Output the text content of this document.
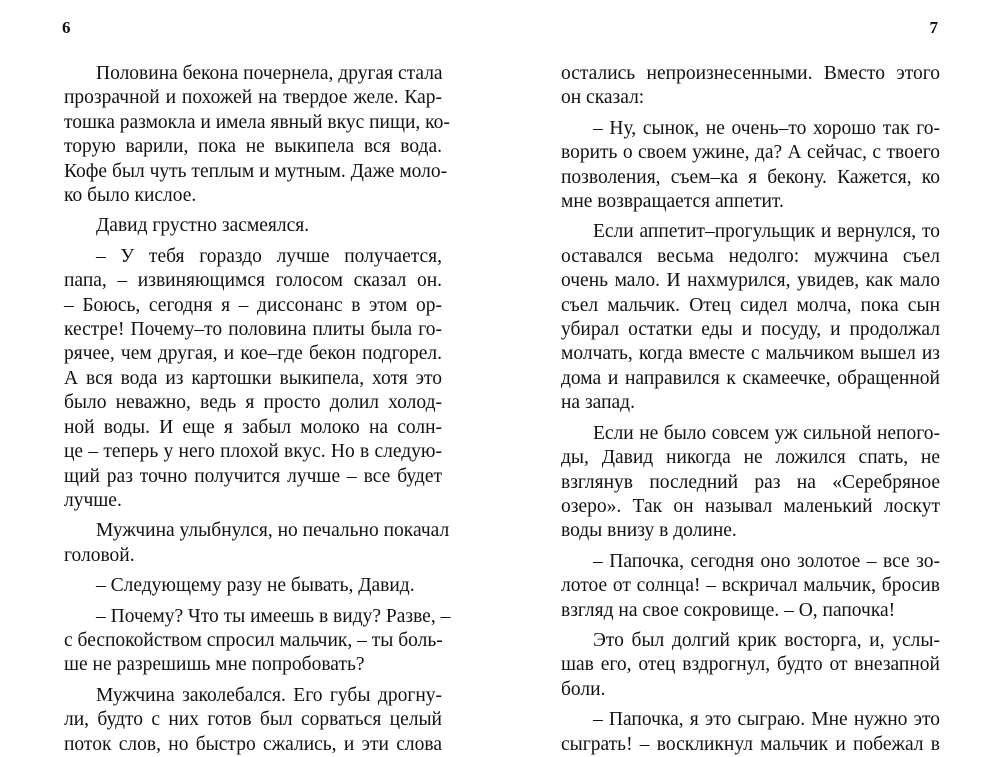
6
Половина бекона почернела, другая стала
прозрачной и похожей на твердое желе. Кар-
тошка размокла и имела явный вкус пищи, ко-
торую варили, пока не выкипела вся вода.
Кофе был чуть теплым и мутным. Даже моло-
ко было кислое.
Давид грустно засмеялся.
– У тебя гораздо лучше получается,
папа, – извиняющимся голосом сказал он.
– Боюсь, сегодня я – диссонанс в этом ор-
кестре! Почему–то половина плиты была го-
рячее, чем другая, и кое–где бекон подгорел.
А вся вода из картошки выкипела, хотя это
было неважно, ведь я просто долил холод-
ной воды. И еще я забыл молоко на солн-
це – теперь у него плохой вкус. Но в следую-
щий раз точно получится лучше – все будет
лучше.
Мужчина улыбнулся, но печально покачал
головой.
– Следующему разу не бывать, Давид.
– Почему? Что ты имеешь в виду? Разве, –
с беспокойством спросил мальчик, – ты боль-
ше не разрешишь мне попробовать?
Мужчина заколебался. Его губы дрогну-
ли, будто с них готов был сорваться целый
поток слов, но быстро сжались, и эти слова
7
остались непроизнесенными. Вместо этого
он сказал:
– Ну, сынок, не очень–то хорошо так го-
ворить о своем ужине, да? А сейчас, с твоего
позволения, съем–ка я бекону. Кажется, ко
мне возвращается аппетит.
Если аппетит–прогульщик и вернулся, то
оставался весьма недолго: мужчина съел
очень мало. И нахмурился, увидев, как мало
съел мальчик. Отец сидел молча, пока сын
убирал остатки еды и посуду, и продолжал
молчать, когда вместе с мальчиком вышел из
дома и направился к скамеечке, обращенной
на запад.
Если не было совсем уж сильной непого-
ды, Давид никогда не ложился спать, не
взглянув последний раз на «Серебряное
озеро». Так он называл маленький лоскут
воды внизу в долине.
– Папочка, сегодня оно золотое – все зо-
лотое от солнца! – вскричал мальчик, бросив
взгляд на свое сокровище. – О, папочка!
Это был долгий крик восторга, и, услы-
шав его, отец вздрогнул, будто от внезапной
боли.
– Папочка, я это сыграю. Мне нужно это
сыграть! – воскликнул мальчик и побежал в
